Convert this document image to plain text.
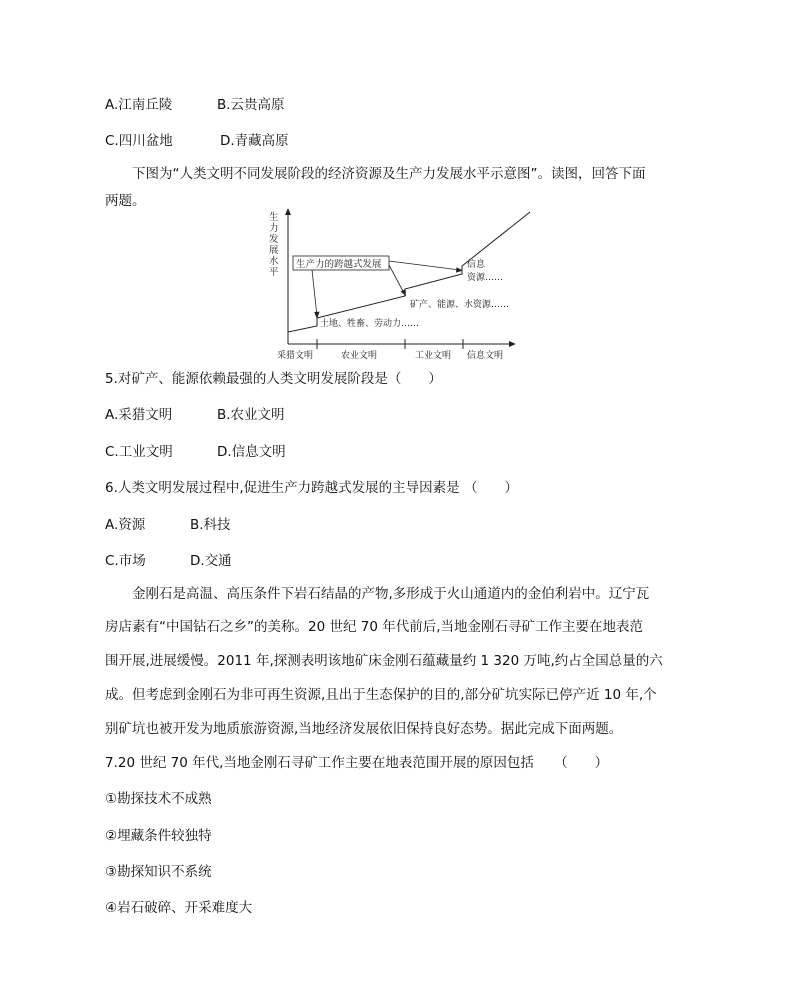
A.江南丘陵	B.云贵高原
C.四川盆地	D.青藏高原
下图为“人类文明不同发展阶段的经济资源及生产力发展水平示意图”。读图，回答下面
两题。
生力发展水平
生产力的跨越式发展	信息
资源……
矿产、能源、水资源……
土地、牲畜、劳动力……
采猎文明	农业文明	工业文明 信息文明
5.对矿产、能源依赖最强的人类文明发展阶段是（　　）
A.采猎文明	B.农业文明
C.工业文明	D.信息文明
6.人类文明发展过程中,促进生产力跨越式发展的主导因素是 （　　）
A.资源	B.科技
C.市场	D.交通
金刚石是高温、高压条件下岩石结晶的产物,多形成于火山通道内的金伯利岩中。辽宁瓦
房店素有“中国钻石之乡”的美称。20 世纪 70 年代前后,当地金刚石寻矿工作主要在地表范
围开展,进展缓慢。2011 年,探测表明该地矿床金刚石蕴藏量约 1 320 万吨,约占全国总量的六
成。但考虑到金刚石为非可再生资源,且出于生态保护的目的,部分矿坑实际已停产近 10 年,个
别矿坑也被开发为地质旅游资源,当地经济发展依旧保持良好态势。据此完成下面两题。
7.20 世纪 70 年代,当地金刚石寻矿工作主要在地表范围开展的原因包括　　（　　）
①勘探技术不成熟
②埋藏条件较独特
③勘探知识不系统
④岩石破碎、开采难度大
